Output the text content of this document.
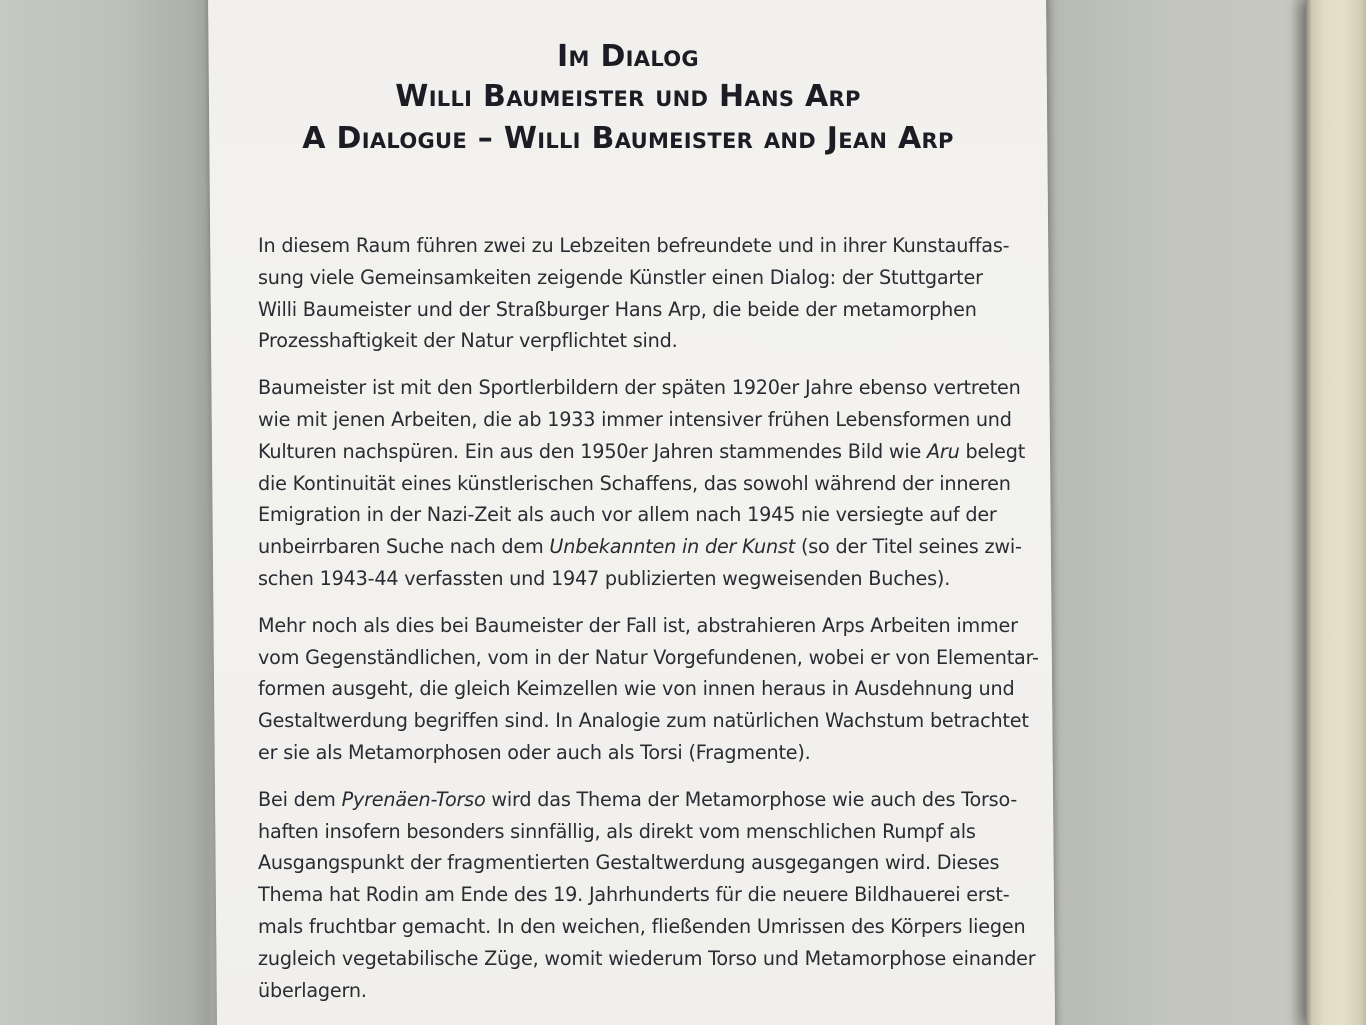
Im Dialog
Willi Baumeister und Hans Arp
A Dialogue – Willi Baumeister and Jean Arp

In diesem Raum führen zwei zu Lebzeiten befreundete und in ihrer Kunstauffas-
sung viele Gemeinsamkeiten zeigende Künstler einen Dialog: der Stuttgarter
Willi Baumeister und der Straßburger Hans Arp, die beide der metamorphen
Prozesshaftigkeit der Natur verpflichtet sind.

Baumeister ist mit den Sportlerbildern der späten 1920er Jahre ebenso vertreten
wie mit jenen Arbeiten, die ab 1933 immer intensiver frühen Lebensformen und
Kulturen nachspüren. Ein aus den 1950er Jahren stammendes Bild wie Aru belegt
die Kontinuität eines künstlerischen Schaffens, das sowohl während der inneren
Emigration in der Nazi-Zeit als auch vor allem nach 1945 nie versiegte auf der
unbeirrbaren Suche nach dem Unbekannten in der Kunst (so der Titel seines zwi-
schen 1943-44 verfassten und 1947 publizierten wegweisenden Buches).

Mehr noch als dies bei Baumeister der Fall ist, abstrahieren Arps Arbeiten immer
vom Gegenständlichen, vom in der Natur Vorgefundenen, wobei er von Elementar-
formen ausgeht, die gleich Keimzellen wie von innen heraus in Ausdehnung und
Gestaltwerdung begriffen sind. In Analogie zum natürlichen Wachstum betrachtet
er sie als Metamorphosen oder auch als Torsi (Fragmente).

Bei dem Pyrenäen-Torso wird das Thema der Metamorphose wie auch des Torso-
haften insofern besonders sinnfällig, als direkt vom menschlichen Rumpf als
Ausgangspunkt der fragmentierten Gestaltwerdung ausgegangen wird. Dieses
Thema hat Rodin am Ende des 19. Jahrhunderts für die neuere Bildhauerei erst-
mals fruchtbar gemacht. In den weichen, fließenden Umrissen des Körpers liegen
zugleich vegetabilische Züge, womit wiederum Torso und Metamorphose einander
überlagern.
